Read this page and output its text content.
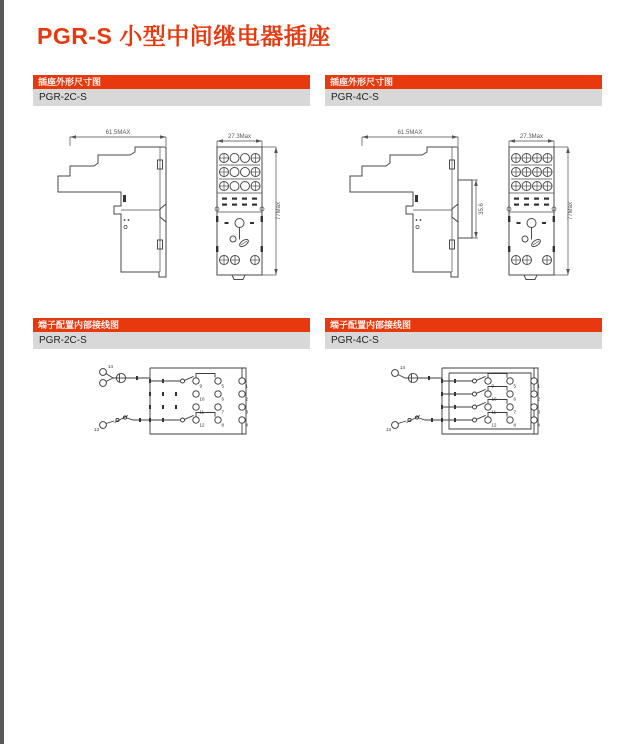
PGR-S 小型中间继电器插座
插座外形尺寸图
PGR-2C-S
插座外形尺寸图
PGR-4C-S
端子配置内部接线图
PGR-2C-S
端子配置内部接线图
PGR-4C-S
61.5MAX
27.3Max
77Max
61.5MAX
35.6
27.3Max
77Max
14
13
9	5	1
10	6	2
11	7	3
12	8	4
14
13
9	5	1
10	6	2
11	7	3
12	8	4
